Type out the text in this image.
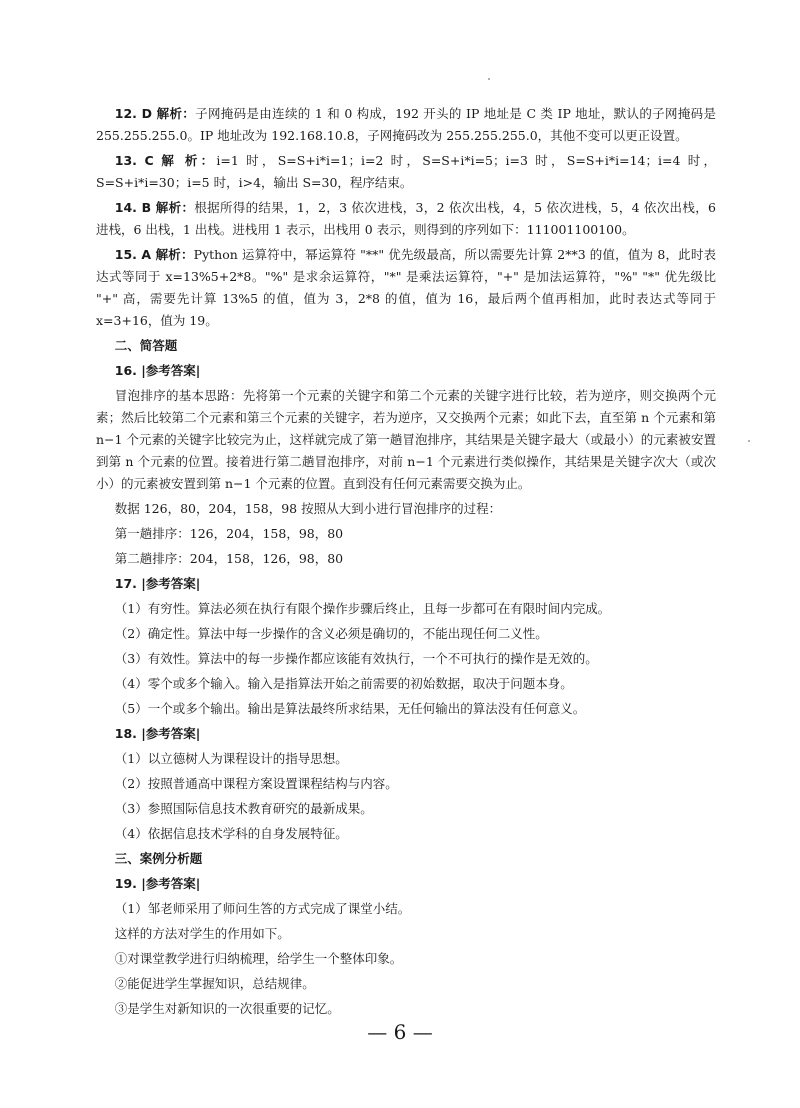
12. D 解析：子网掩码是由连续的 1 和 0 构成，192 开头的 IP 地址是 C 类 IP 地址，默认的子网掩码是 255.255.255.0。IP 地址改为 192.168.10.8，子网掩码改为 255.255.255.0，其他不变可以更正设置。

13. C 解 析：i=1 时，S=S+i*i=1；i=2 时，S=S+i*i=5；i=3 时，S=S+i*i=14；i=4 时，S=S+i*i=30；i=5 时，i>4，输出 S=30，程序结束。

14. B 解析：根据所得的结果，1，2，3 依次进栈，3，2 依次出栈，4，5 依次进栈，5，4 依次出栈，6 进栈，6 出栈，1 出栈。进栈用 1 表示，出栈用 0 表示，则得到的序列如下：111001100100。

15. A 解析：Python 运算符中，幂运算符 "**" 优先级最高，所以需要先计算 2**3 的值，值为 8，此时表达式等同于 x=13%5+2*8。"%" 是求余运算符，"*" 是乘法运算符，"+" 是加法运算符，"%" "*" 优先级比 "+" 高，需要先计算 13%5 的值，值为 3，2*8 的值，值为 16，最后两个值再相加，此时表达式等同于 x=3+16，值为 19。

二、简答题

16. |参考答案|

冒泡排序的基本思路：先将第一个元素的关键字和第二个元素的关键字进行比较，若为逆序，则交换两个元素；然后比较第二个元素和第三个元素的关键字，若为逆序，又交换两个元素；如此下去，直至第 n 个元素和第 n−1 个元素的关键字比较完为止，这样就完成了第一趟冒泡排序，其结果是关键字最大（或最小）的元素被安置到第 n 个元素的位置。接着进行第二趟冒泡排序，对前 n−1 个元素进行类似操作，其结果是关键字次大（或次小）的元素被安置到第 n−1 个元素的位置。直到没有任何元素需要交换为止。

数据 126，80，204，158，98 按照从大到小进行冒泡排序的过程：

第一趟排序：126，204，158，98，80

第二趟排序：204，158，126，98，80

17. |参考答案|

（1）有穷性。算法必须在执行有限个操作步骤后终止，且每一步都可在有限时间内完成。

（2）确定性。算法中每一步操作的含义必须是确切的，不能出现任何二义性。

（3）有效性。算法中的每一步操作都应该能有效执行，一个不可执行的操作是无效的。

（4）零个或多个输入。输入是指算法开始之前需要的初始数据，取决于问题本身。

（5）一个或多个输出。输出是算法最终所求结果，无任何输出的算法没有任何意义。

18. |参考答案|

（1）以立德树人为课程设计的指导思想。

（2）按照普通高中课程方案设置课程结构与内容。

（3）参照国际信息技术教育研究的最新成果。

（4）依据信息技术学科的自身发展特征。

三、案例分析题

19. |参考答案|

（1）邹老师采用了师问生答的方式完成了课堂小结。

这样的方法对学生的作用如下。

①对课堂教学进行归纳梳理，给学生一个整体印象。

②能促进学生掌握知识，总结规律。

③是学生对新知识的一次很重要的记忆。

— 6 —
